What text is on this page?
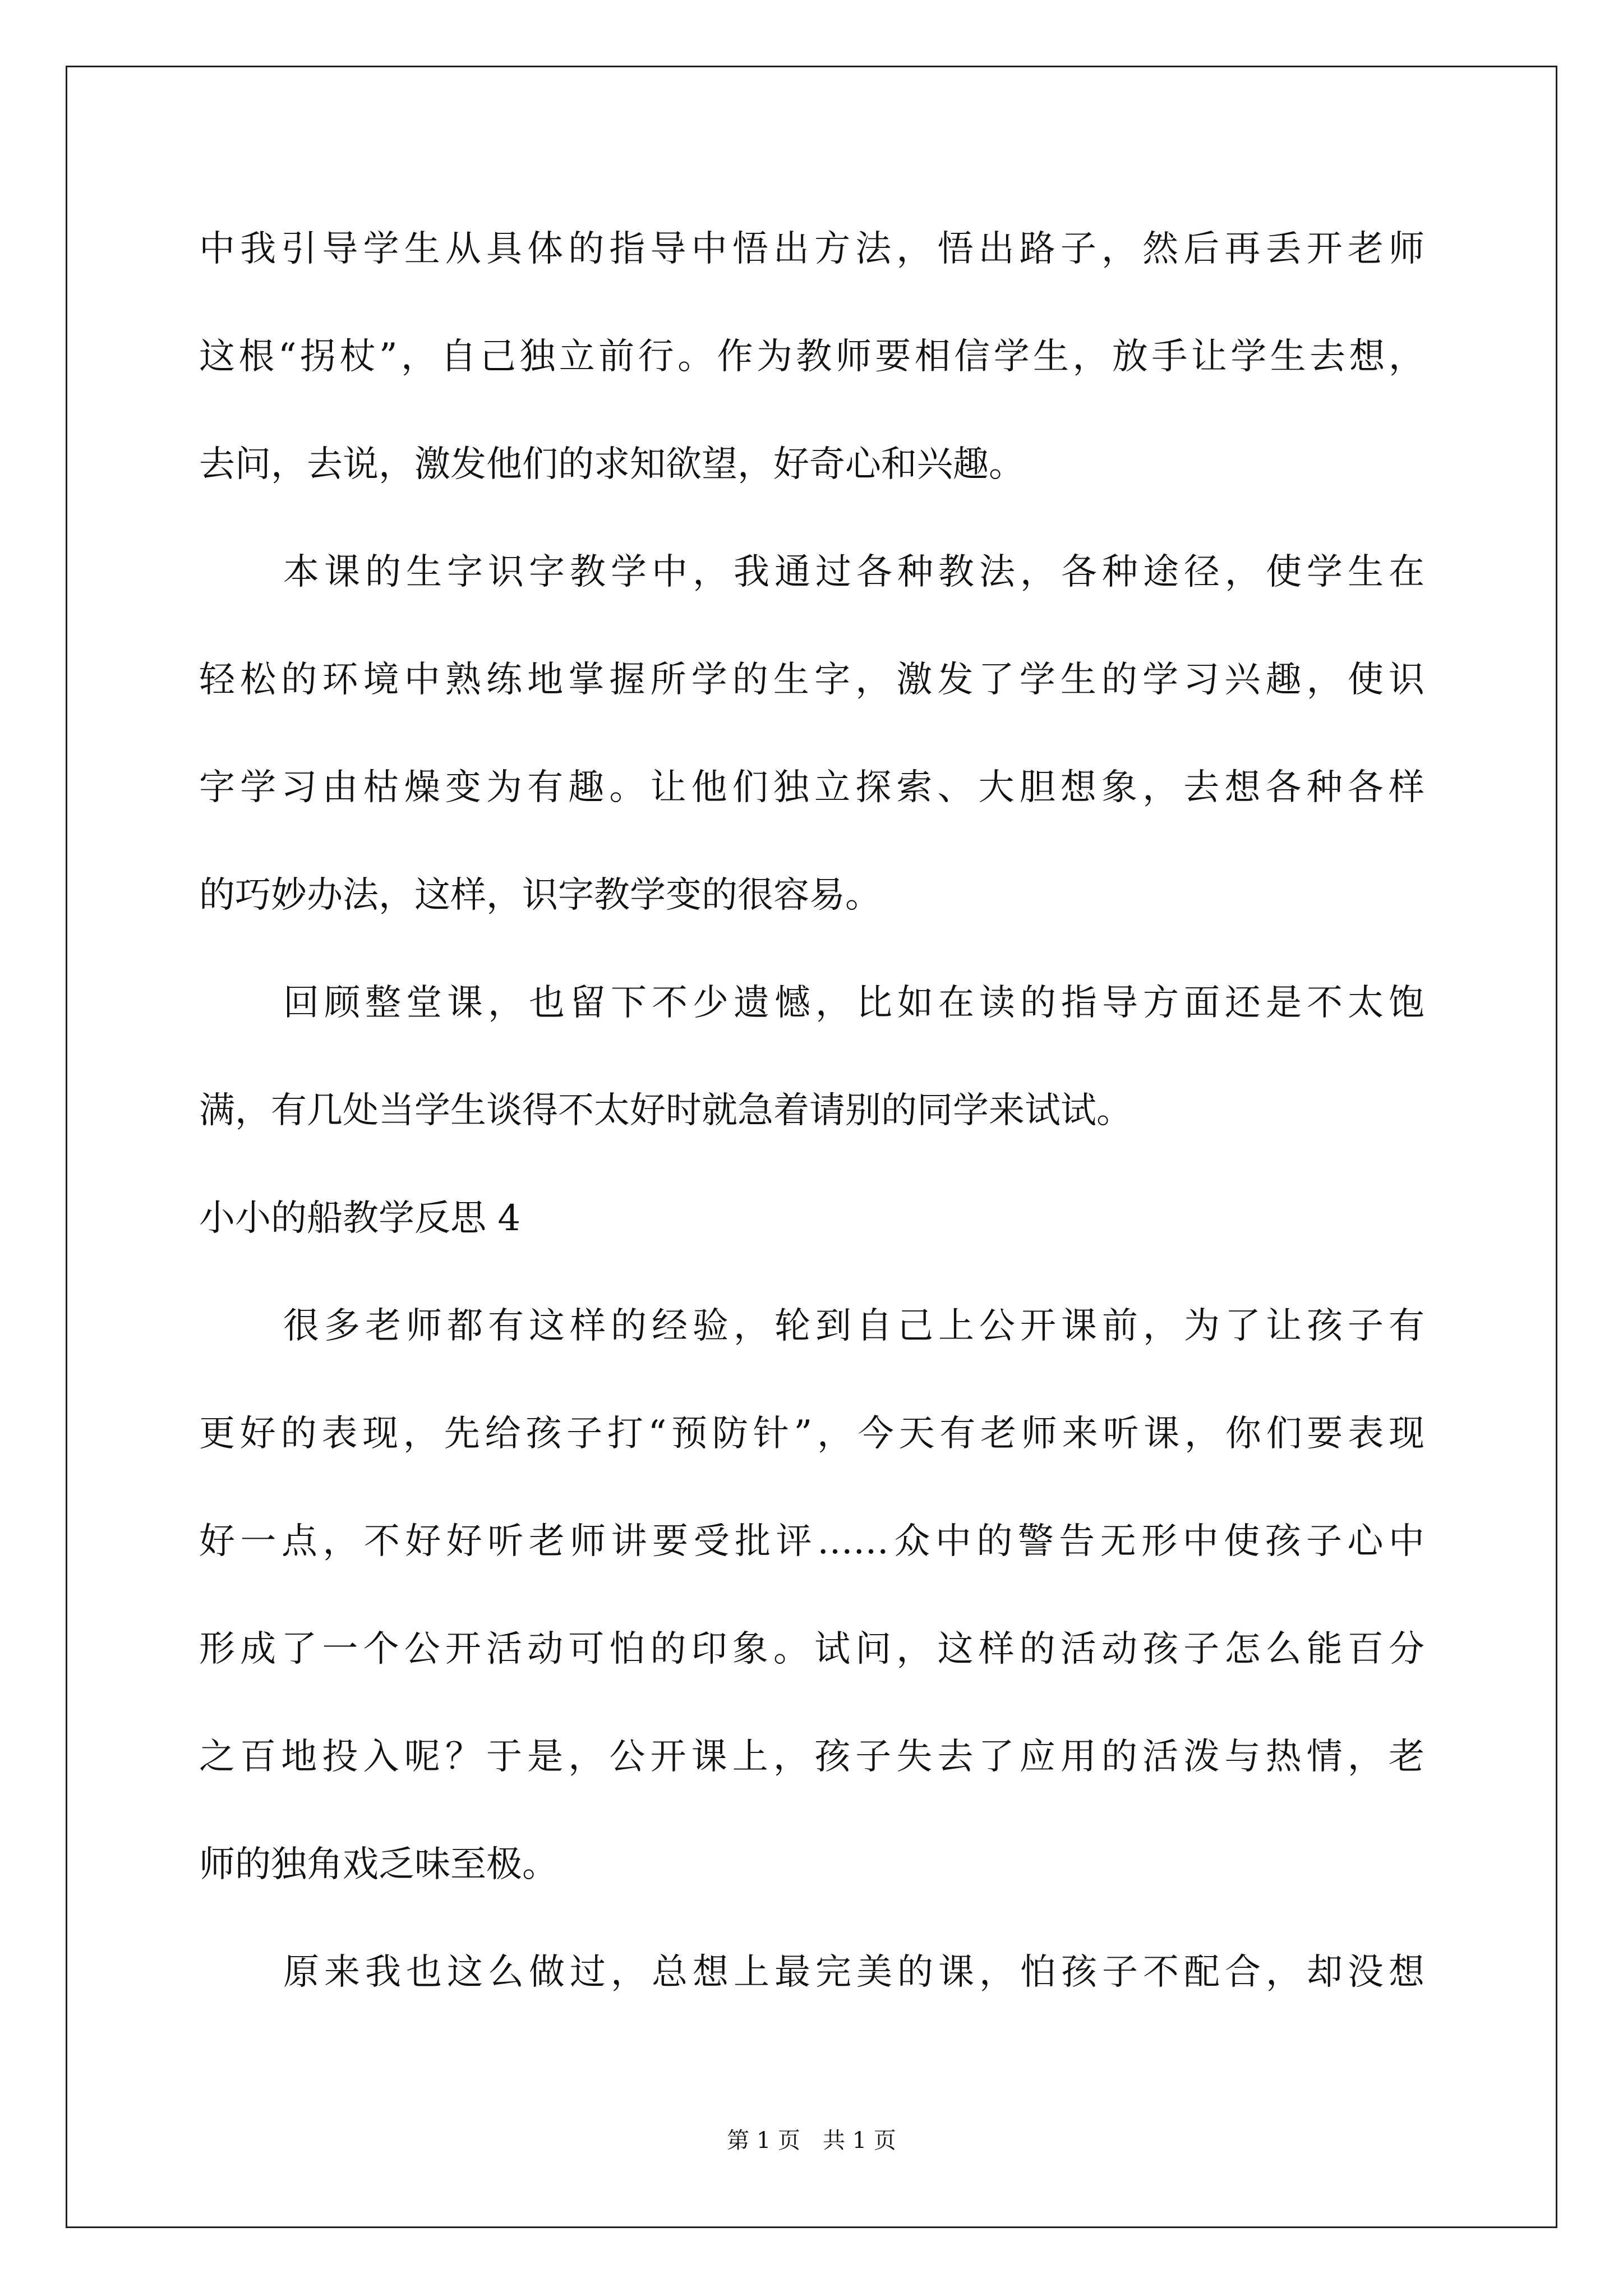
中我引导学生从具体的指导中悟出方法，悟出路子，然后再丢开老师
这根“拐杖”，自己独立前行。作为教师要相信学生，放手让学生去想，
去问，去说，激发他们的求知欲望，好奇心和兴趣。
本课的生字识字教学中，我通过各种教法，各种途径，使学生在
轻松的环境中熟练地掌握所学的生字，激发了学生的学习兴趣，使识
字学习由枯燥变为有趣。让他们独立探索、大胆想象，去想各种各样
的巧妙办法，这样，识字教学变的很容易。
回顾整堂课，也留下不少遗憾，比如在读的指导方面还是不太饱
满，有几处当学生谈得不太好时就急着请别的同学来试试。
小小的船教学反思 4
很多老师都有这样的经验，轮到自己上公开课前，为了让孩子有
更好的表现，先给孩子打“预防针”，今天有老师来听课，你们要表现
好一点，不好好听老师讲要受批评……众中的警告无形中使孩子心中
形成了一个公开活动可怕的印象。试问，这样的活动孩子怎么能百分
之百地投入呢？于是，公开课上，孩子失去了应用的活泼与热情，老
师的独角戏乏味至极。
原来我也这么做过，总想上最完美的课，怕孩子不配合，却没想
第 1 页　共 1 页
